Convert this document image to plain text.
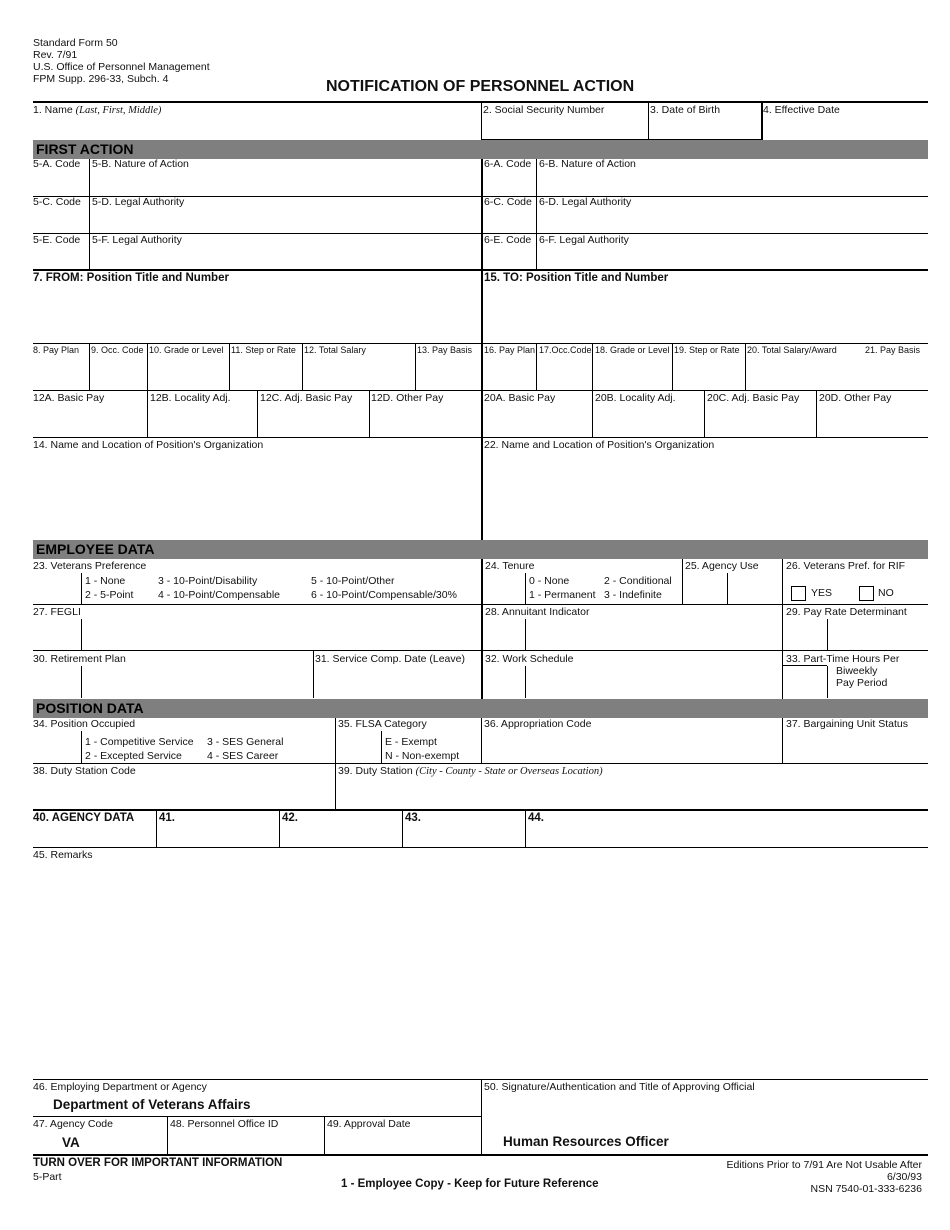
Standard Form 50
Rev. 7/91
U.S. Office of Personnel Management
FPM Supp. 296-33, Subch. 4	NOTIFICATION OF PERSONNEL ACTION
1. Name (Last, First, Middle)	2. Social Security Number	3. Date of Birth	4. Effective Date
FIRST ACTION
5-A. Code 5-B. Nature of Action
5-C. Code 5-D. Legal Authority
5-E. Code 5-F. Legal Authority
6-A. Code 6-B. Nature of Action
6-C. Code 6-D. Legal Authority
6-E. Code 6-F. Legal Authority
7. FROM: Position Title and Number	15. TO: Position Title and Number
8. Pay Plan 9. Occ. Code 10. Grade or Level 11. Step or Rate 12. Total Salary	13. Pay Basis 16. Pay Plan 17.Occ.Code 18. Grade or Level 19. Step or Rate 20. Total Salary/Award	21. Pay Basis
12A. Basic Pay	12B. Locality Adj.	12C. Adj. Basic Pay 12D. Other Pay	20A. Basic Pay	20B. Locality Adj.	20C. Adj. Basic Pay 20D. Other Pay
14. Name and Location of Position's Organization	22. Name and Location of Position's Organization
EMPLOYEE DATA
23. Veterans Preference
1 - None
2 - 5-Point
3 - 10-Point/Disability
4 - 10-Point/Compensable
5 - 10-Point/Other
6 - 10-Point/Compensable/30%
24. Tenure
0 - None
1 - Permanent
2 - Conditional
3 - Indefinite
25. Agency Use	26. Veterans Pref. for RIF
YES	NO
27. FEGLI	28. Annuitant Indicator	29. Pay Rate Determinant
30. Retirement Plan	31. Service Comp. Date (Leave) 32. Work Schedule	33. Part-Time Hours Per
Biweekly
Pay Period
POSITION DATA
34. Position Occupied
1 - Competitive Service
2 - Excepted Service
3 - SES General
4 - SES Career
35. FLSA Category
E - Exempt
N - Non-exempt
36. Appropriation Code	37. Bargaining Unit Status
38. Duty Station Code	39. Duty Station (City - County - State or Overseas Location)
40. AGENCY DATA 41.	42.	43.	44.
45. Remarks
46. Employing Department or Agency
Department of Veterans Affairs
47. Agency Code
VA
48. Personnel Office ID	49. Approval Date
50. Signature/Authentication and Title of Approving Official
Human Resources Officer
TURN OVER FOR IMPORTANT INFORMATION
5-Part
1 - Employee Copy - Keep for Future Reference
Editions Prior to 7/91 Are Not Usable After
6/30/93
NSN 7540-01-333-6236
